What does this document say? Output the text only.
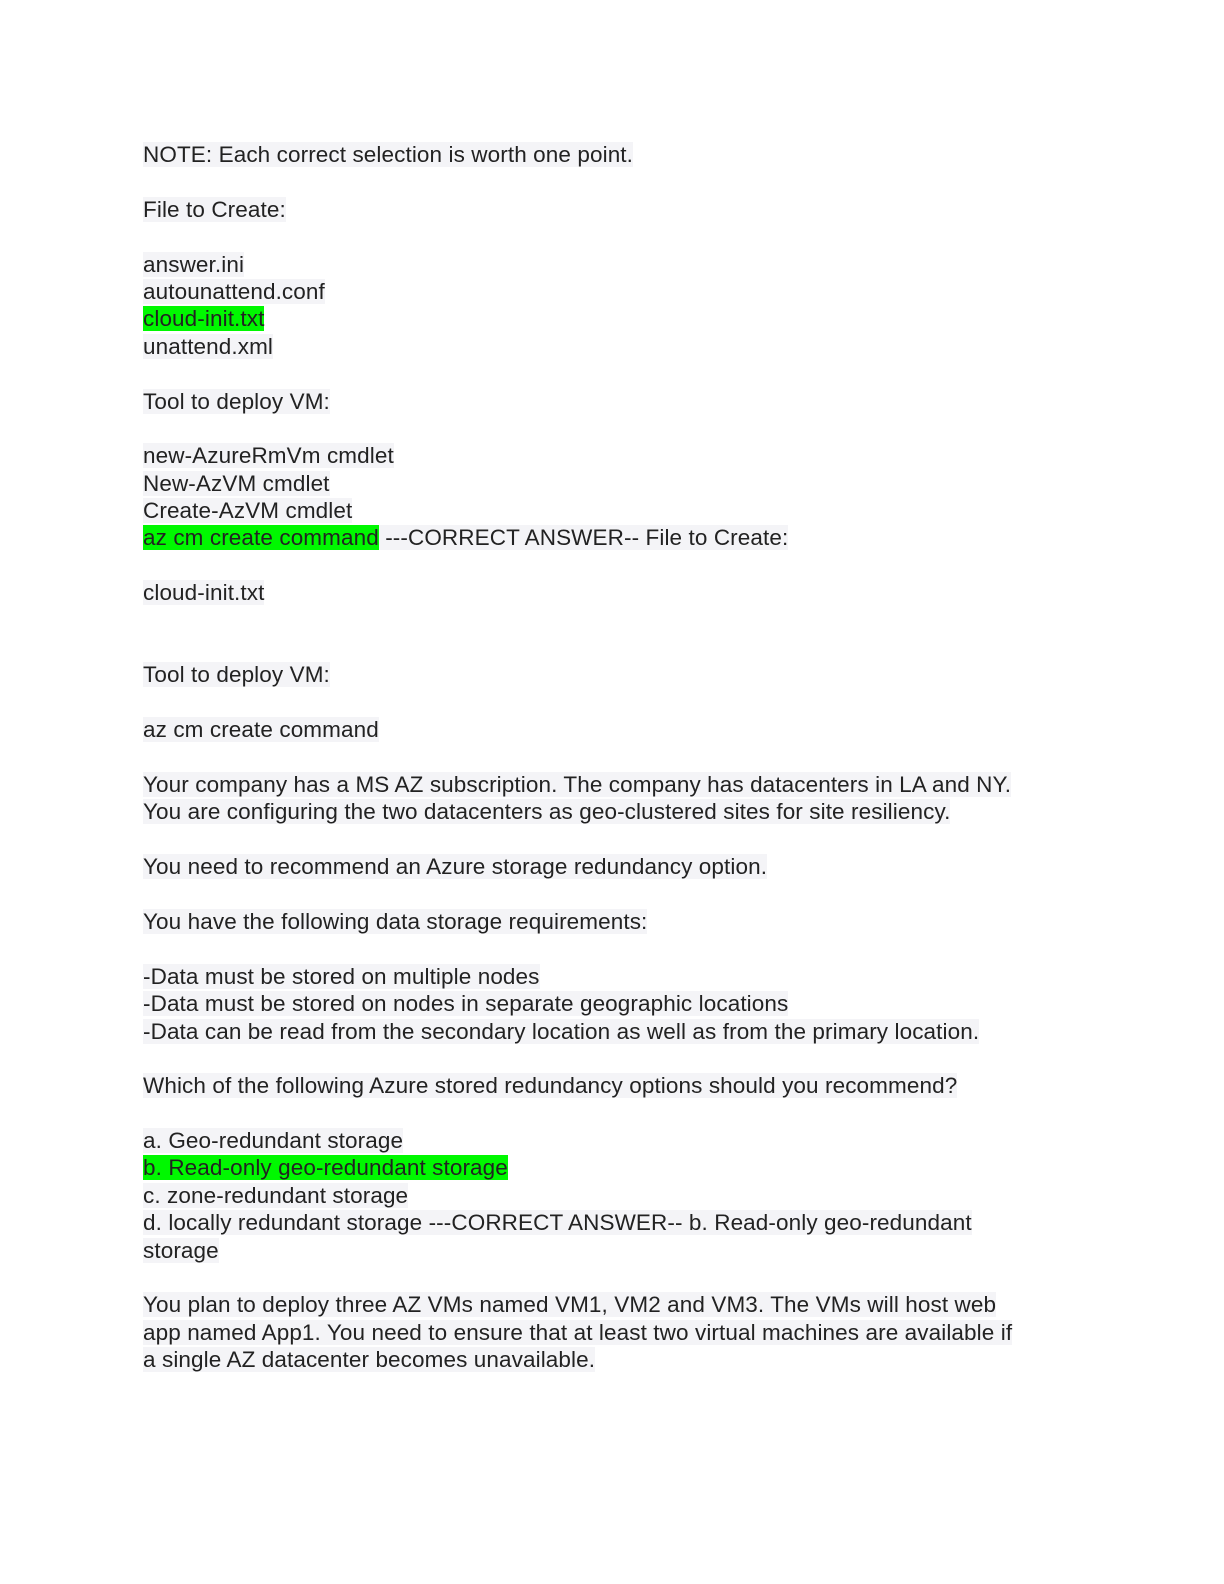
NOTE: Each correct selection is worth one point.
File to Create:
answer.ini
autounattend.conf
cloud-init.txt
unattend.xml
Tool to deploy VM:
new-AzureRmVm cmdlet
New-AzVM cmdlet
Create-AzVM cmdlet
az cm create command ---CORRECT ANSWER-- File to Create:
cloud-init.txt
Tool to deploy VM:
az cm create command
Your company has a MS AZ subscription. The company has datacenters in LA and NY.
You are configuring the two datacenters as geo-clustered sites for site resiliency.
You need to recommend an Azure storage redundancy option.
You have the following data storage requirements:
-Data must be stored on multiple nodes
-Data must be stored on nodes in separate geographic locations
-Data can be read from the secondary location as well as from the primary location.
Which of the following Azure stored redundancy options should you recommend?
a. Geo-redundant storage
b. Read-only geo-redundant storage
c. zone-redundant storage
d. locally redundant storage ---CORRECT ANSWER-- b. Read-only geo-redundant
storage
You plan to deploy three AZ VMs named VM1, VM2 and VM3. The VMs will host web
app named App1. You need to ensure that at least two virtual machines are available if
a single AZ datacenter becomes unavailable.
